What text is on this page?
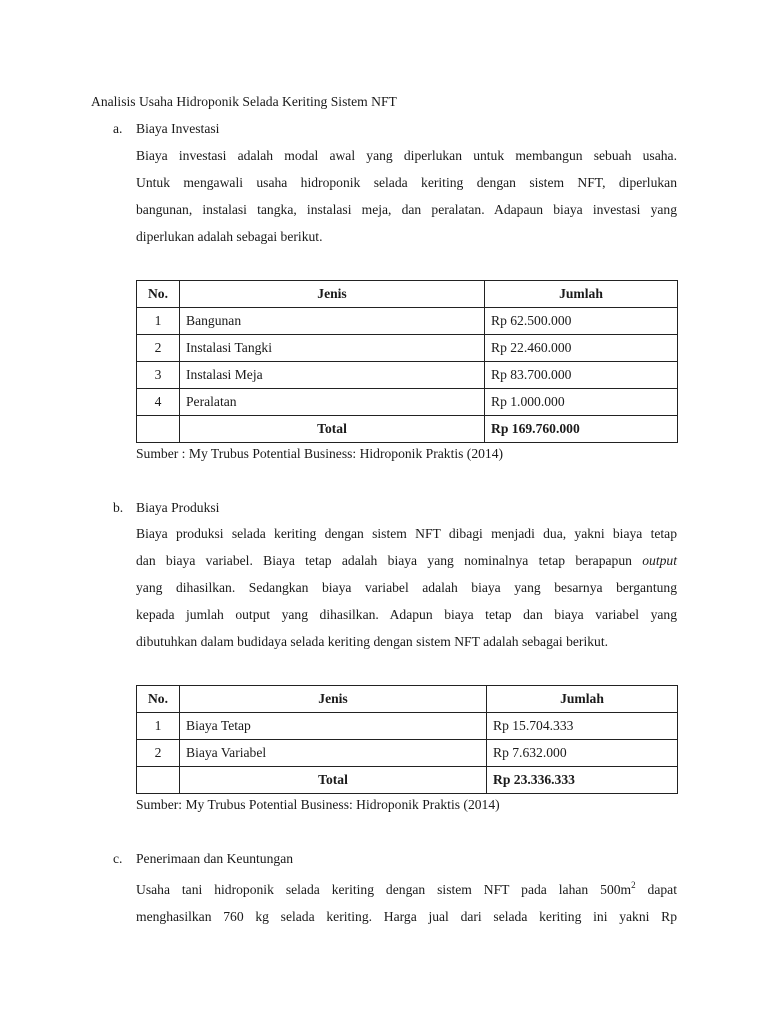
Analisis Usaha Hidroponik Selada Keriting Sistem NFT
a. Biaya Investasi
Biaya investasi adalah modal awal yang diperlukan untuk membangun sebuah usaha.
Untuk mengawali usaha hidroponik selada keriting dengan sistem NFT, diperlukan
bangunan, instalasi tangka, instalasi meja, dan peralatan. Adapaun biaya investasi yang
diperlukan adalah sebagai berikut.
No.	Jenis	Jumlah
1	Bangunan	Rp 62.500.000
2	Instalasi Tangki	Rp 22.460.000
3	Instalasi Meja	Rp 83.700.000
4	Peralatan	Rp 1.000.000
	Total	Rp 169.760.000
Sumber : My Trubus Potential Business: Hidroponik Praktis (2014)
b. Biaya Produksi
Biaya produksi selada keriting dengan sistem NFT dibagi menjadi dua, yakni biaya tetap
dan biaya variabel. Biaya tetap adalah biaya yang nominalnya tetap berapapun output
yang dihasilkan. Sedangkan biaya variabel adalah biaya yang besarnya bergantung
kepada jumlah output yang dihasilkan. Adapun biaya tetap dan biaya variabel yang
dibutuhkan dalam budidaya selada keriting dengan sistem NFT adalah sebagai berikut.
No.	Jenis	Jumlah
1	Biaya Tetap	Rp 15.704.333
2	Biaya Variabel	Rp 7.632.000
	Total	Rp 23.336.333
Sumber: My Trubus Potential Business: Hidroponik Praktis (2014)
c. Penerimaan dan Keuntungan
Usaha tani hidroponik selada keriting dengan sistem NFT pada lahan $500m^2$ dapat
menghasilkan 760 kg selada keriting. Harga jual dari selada keriting ini yakni Rp
